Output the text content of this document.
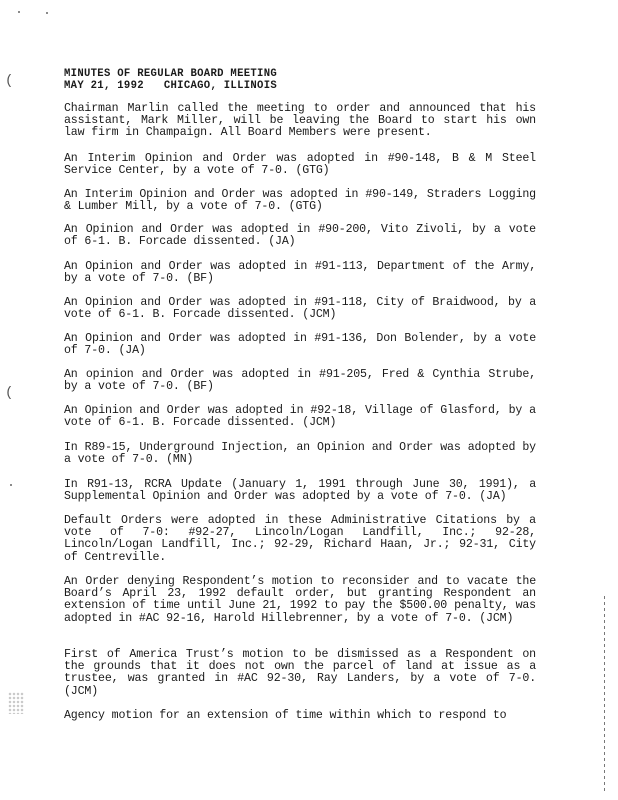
MINUTES OF REGULAR BOARD MEETING
MAY 21, 1992   CHICAGO, ILLINOIS
Chairman Marlin called the meeting to order and announced that his assistant, Mark Miller, will be leaving the Board to start his own law firm in Champaign. All Board Members were present.
An Interim Opinion and Order was adopted in #90-148, B & M Steel Service Center, by a vote of 7-0. (GTG)
An Interim Opinion and Order was adopted in #90-149, Straders Logging & Lumber Mill, by a vote of 7-0. (GTG)
An Opinion and Order was adopted in #90-200, Vito Zivoli, by a vote of 6-1. B. Forcade dissented. (JA)
An Opinion and Order was adopted in #91-113, Department of the Army, by a vote of 7-0. (BF)
An Opinion and Order was adopted in #91-118, City of Braidwood, by a vote of 6-1. B. Forcade dissented. (JCM)
An Opinion and Order was adopted in #91-136, Don Bolender, by a vote of 7-0. (JA)
An opinion and Order was adopted in #91-205, Fred & Cynthia Strube, by a vote of 7-0. (BF)
An Opinion and Order was adopted in #92-18, Village of Glasford, by a vote of 6-1. B. Forcade dissented. (JCM)
In R89-15, Underground Injection, an Opinion and Order was adopted by a vote of 7-0. (MN)
In R91-13, RCRA Update (January 1, 1991 through June 30, 1991), a Supplemental Opinion and Order was adopted by a vote of 7-0. (JA)
Default Orders were adopted in these Administrative Citations by a vote of 7-0: #92-27, Lincoln/Logan Landfill, Inc.; 92-28, Lincoln/Logan Landfill, Inc.; 92-29, Richard Haan, Jr.; 92-31, City of Centreville.
An Order denying Respondent’s motion to reconsider and to vacate the Board’s April 23, 1992 default order, but granting Respondent an extension of time until June 21, 1992 to pay the $500.00 penalty, was adopted in #AC 92-16, Harold Hillebrenner, by a vote of 7-0. (JCM)
First of America Trust’s motion to be dismissed as a Respondent on the grounds that it does not own the parcel of land at issue as a trustee, was granted in #AC 92-30, Ray Landers, by a vote of 7-0. (JCM)
Agency motion for an extension of time within which to respond to
(
(
